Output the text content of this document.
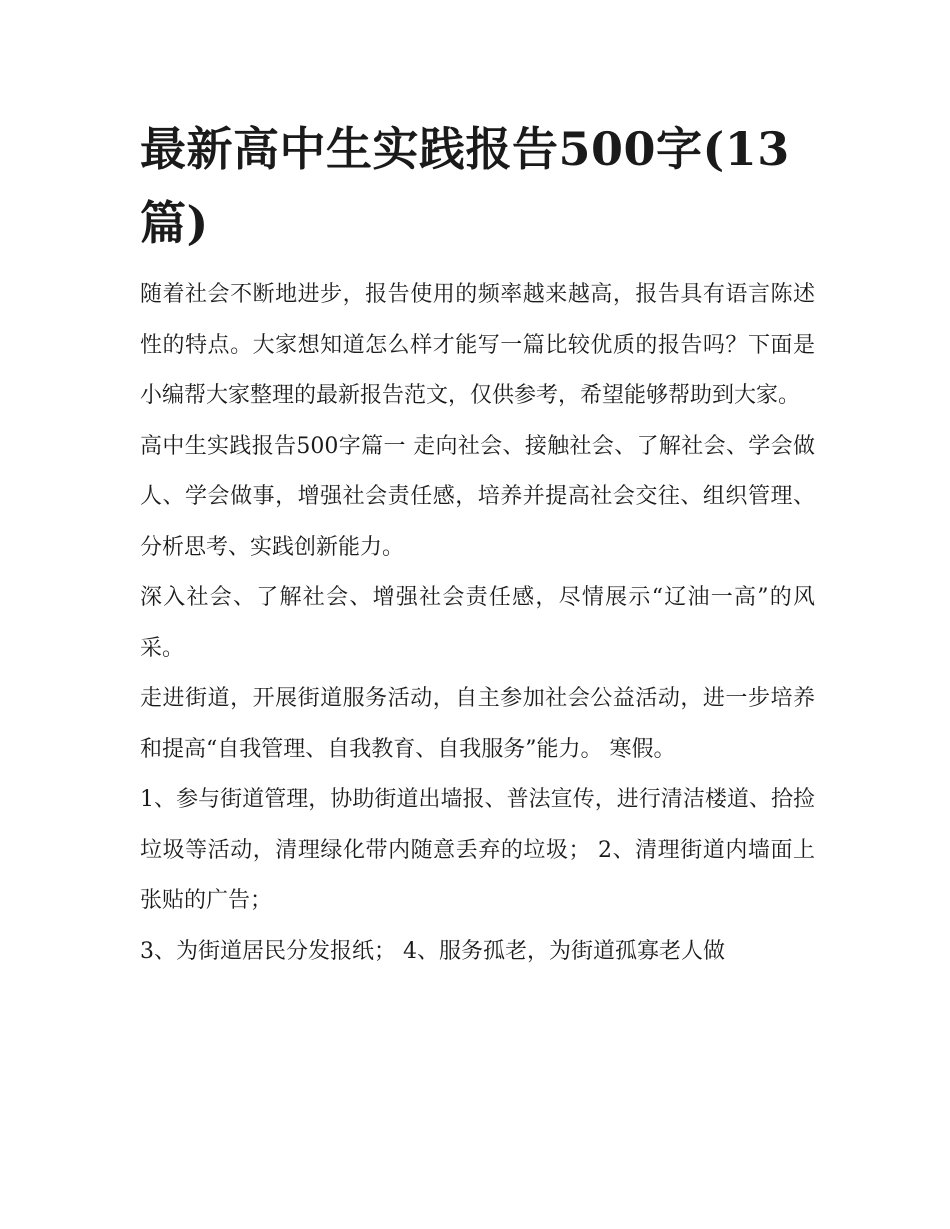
最新高中生实践报告500字(13篇)

随着社会不断地进步，报告使用的频率越来越高，报告具有语言陈述性的特点。大家想知道怎么样才能写一篇比较优质的报告吗？下面是小编帮大家整理的最新报告范文，仅供参考，希望能够帮助到大家。

高中生实践报告500字篇一 走向社会、接触社会、了解社会、学会做人、学会做事，增强社会责任感，培养并提高社会交往、组织管理、分析思考、实践创新能力。

深入社会、了解社会、增强社会责任感，尽情展示“辽油一高”的风采。

走进街道，开展街道服务活动，自主参加社会公益活动，进一步培养和提高“自我管理、自我教育、自我服务”能力。 寒假。

1、参与街道管理，协助街道出墙报、普法宣传，进行清洁楼道、拾捡垃圾等活动，清理绿化带内随意丢弃的垃圾； 2、清理街道内墙面上张贴的广告；

3、为街道居民分发报纸； 4、服务孤老，为街道孤寡老人做
